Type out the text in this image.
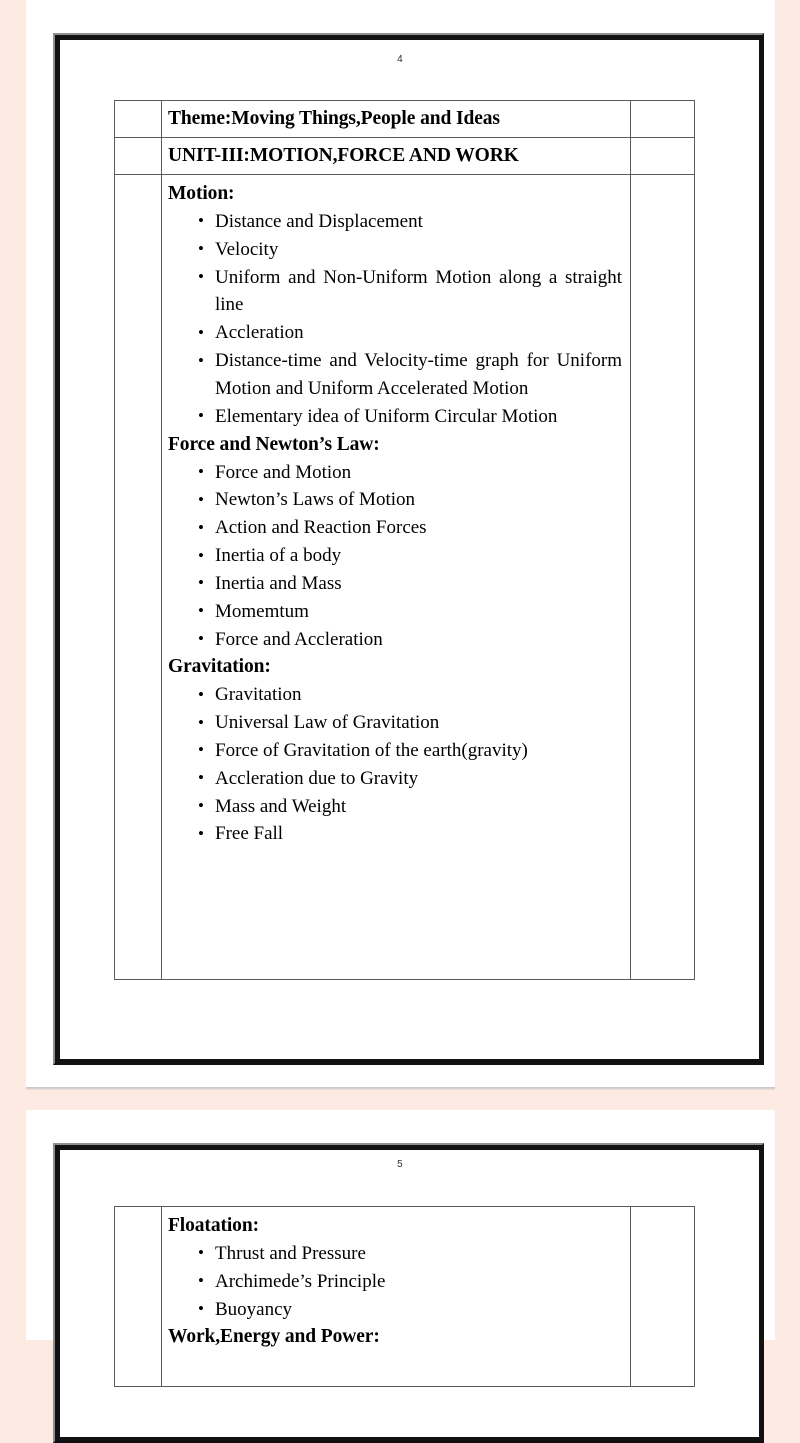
4

	Theme:Moving Things,People and Ideas	

	UNIT-III:MOTION,FORCE AND WORK	

Motion:
• Distance and Displacement
• Velocity
• Uniform and Non-Uniform Motion along a straight line
• Accleration
• Distance-time and Velocity-time graph for Uniform Motion and Uniform Accelerated Motion
• Elementary idea of Uniform Circular Motion
Force and Newton’s Law:
• Force and Motion
• Newton’s Laws of Motion
• Action and Reaction Forces
• Inertia of a body
• Inertia and Mass
• Momemtum
• Force and Accleration
Gravitation:
• Gravitation
• Universal Law of Gravitation
• Force of Gravitation of the earth(gravity)
• Accleration due to Gravity
• Mass and Weight
• Free Fall

5

Floatation:
• Thrust and Pressure
• Archimede’s Principle
• Buoyancy
Work,Energy and Power:
